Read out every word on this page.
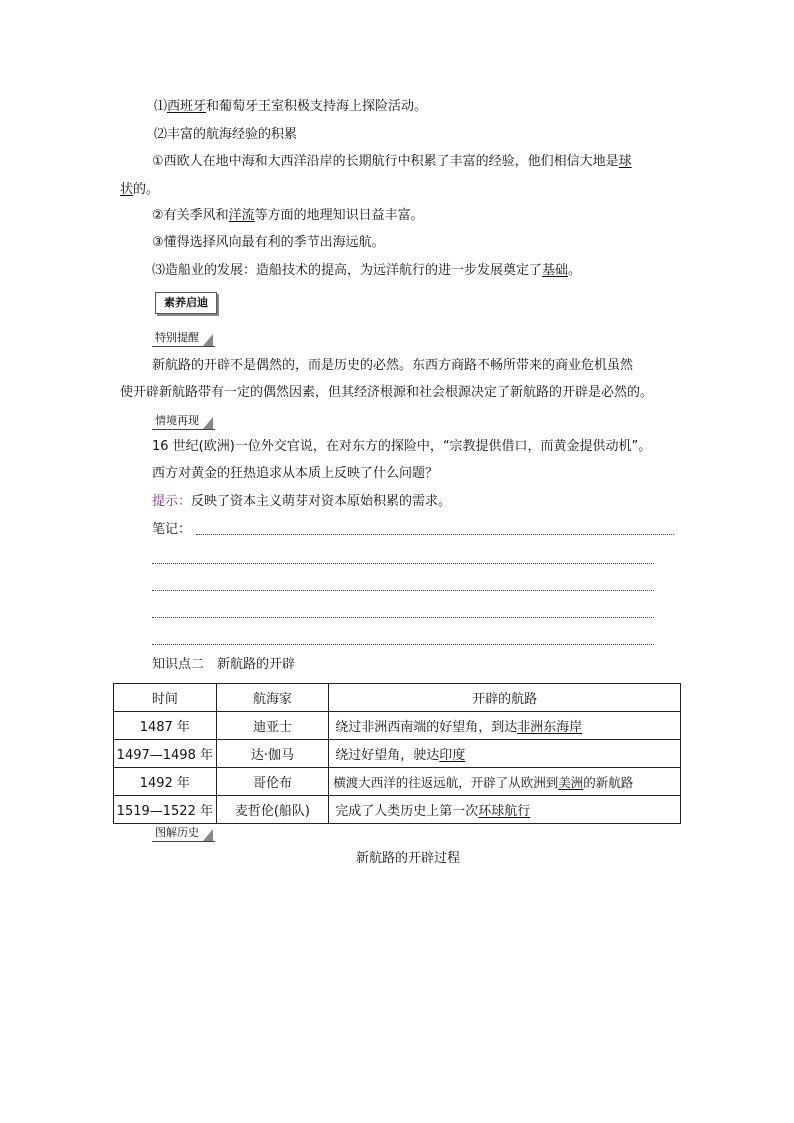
⑴西班牙和葡萄牙王室积极支持海上探险活动。
⑵丰富的航海经验的积累
①西欧人在地中海和大西洋沿岸的长期航行中积累了丰富的经验，他们相信大地是球
状的。
②有关季风和洋流等方面的地理知识日益丰富。
③懂得选择风向最有利的季节出海远航。
⑶造船业的发展：造船技术的提高，为远洋航行的进一步发展奠定了基础。
素养启迪
特别提醒
新航路的开辟不是偶然的，而是历史的必然。东西方商路不畅所带来的商业危机虽然
使开辟新航路带有一定的偶然因素，但其经济根源和社会根源决定了新航路的开辟是必然的。
情境再现
16 世纪(欧洲)一位外交官说，在对东方的探险中，“宗教提供借口，而黄金提供动机”。
西方对黄金的狂热追求从本质上反映了什么问题？
提示：反映了资本主义萌芽对资本原始积累的需求。
笔记：
知识点二　新航路的开辟
时间	航海家	开辟的航路
1487 年	迪亚士	绕过非洲西南端的好望角，到达非洲东海岸
1497—1498 年	达·伽马	绕过好望角，驶达印度
1492 年	哥伦布	横渡大西洋的往返远航，开辟了从欧洲到美洲的新航路
1519—1522 年	麦哲伦(船队)	完成了人类历史上第一次环球航行
图解历史
新航路的开辟过程
